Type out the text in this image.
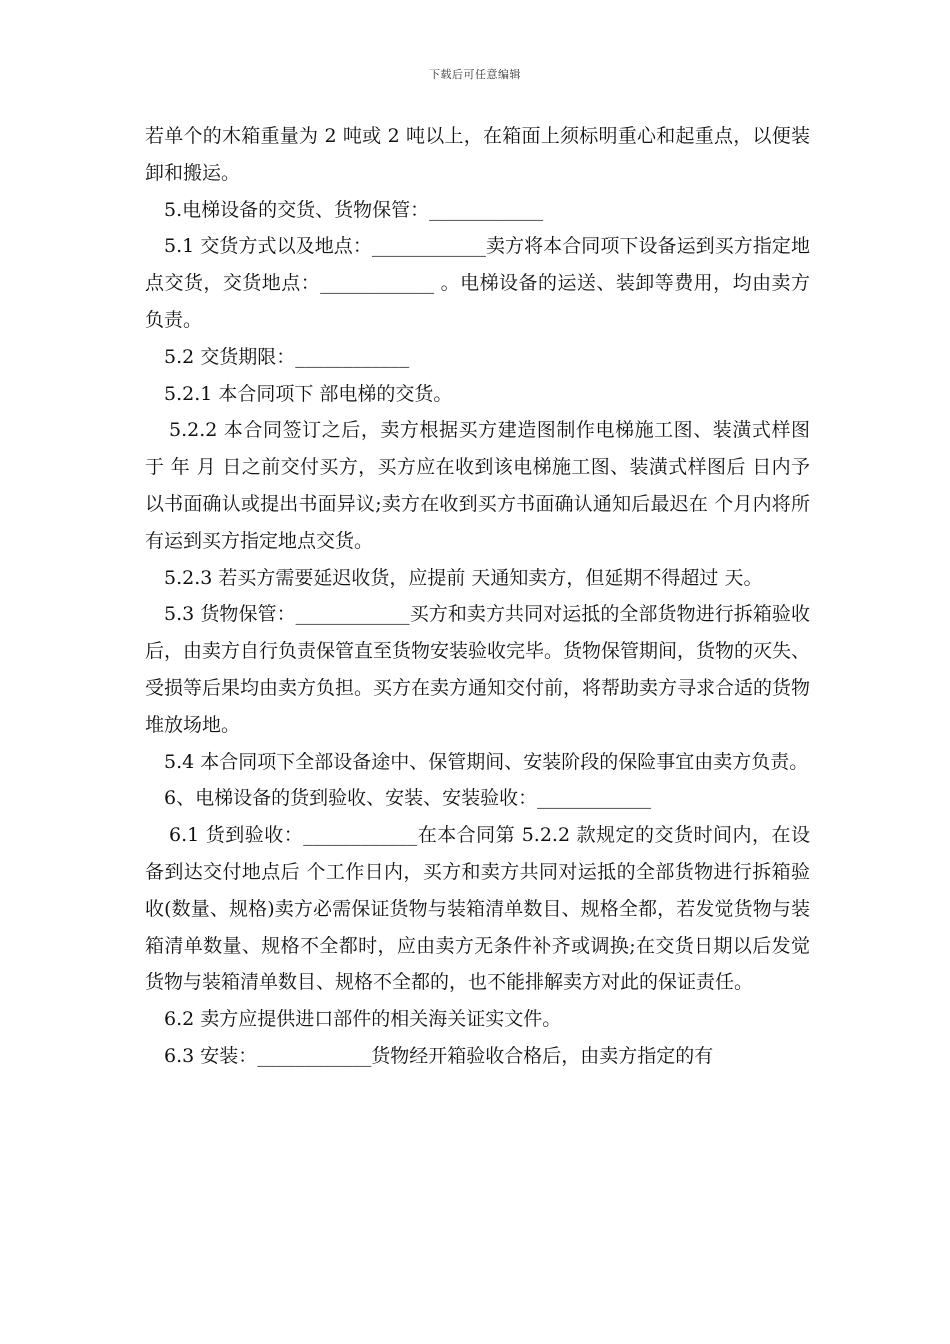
下载后可任意编辑

若单个的木箱重量为 2 吨或 2 吨以上，在箱面上须标明重心和起重点，以便装卸和搬运。

5.电梯设备的交货、货物保管：____________

5.1 交货方式以及地点：____________卖方将本合同项下设备运到买方指定地点交货，交货地点：____________ 。电梯设备的运送、装卸等费用，均由卖方负责。

5.2 交货期限：____________

5.2.1 本合同项下 部电梯的交货。

5.2.2 本合同签订之后，卖方根据买方建造图制作电梯施工图、装潢式样图于 年 月 日之前交付买方，买方应在收到该电梯施工图、装潢式样图后 日内予以书面确认或提出书面异议;卖方在收到买方书面确认通知后最迟在 个月内将所有运到买方指定地点交货。

5.2.3 若买方需要延迟收货，应提前 天通知卖方，但延期不得超过 天。

5.3 货物保管：____________买方和卖方共同对运抵的全部货物进行拆箱验收后，由卖方自行负责保管直至货物安装验收完毕。货物保管期间，货物的灭失、受损等后果均由卖方负担。买方在卖方通知交付前，将帮助卖方寻求合适的货物堆放场地。

5.4 本合同项下全部设备途中、保管期间、安装阶段的保险事宜由卖方负责。

6、电梯设备的货到验收、安装、安装验收：____________

6.1 货到验收：____________在本合同第 5.2.2 款规定的交货时间内，在设备到达交付地点后 个工作日内，买方和卖方共同对运抵的全部货物进行拆箱验收(数量、规格)卖方必需保证货物与装箱清单数目、规格全都，若发觉货物与装箱清单数量、规格不全都时，应由卖方无条件补齐或调换;在交货日期以后发觉货物与装箱清单数目、规格不全都的，也不能排解卖方对此的保证责任。

6.2 卖方应提供进口部件的相关海关证实文件。

6.3 安装：____________货物经开箱验收合格后，由卖方指定的有
